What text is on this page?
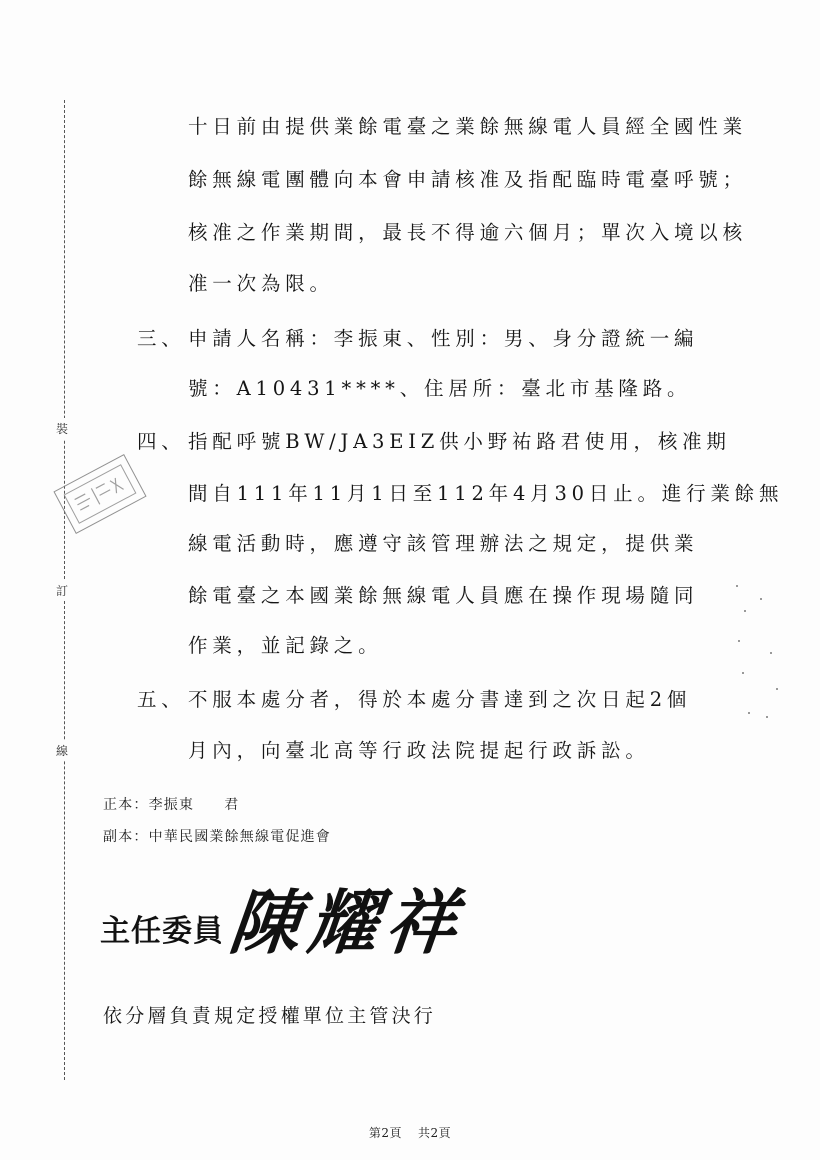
裝
訂
線
十日前由提供業餘電臺之業餘無線電人員經全國性業
餘無線電團體向本會申請核准及指配臨時電臺呼號；
核准之作業期間，最長不得逾六個月；單次入境以核
准一次為限。
三、 申請人名稱：李振東、性別：男、身分證統一編
號：A10431****、住居所：臺北市基隆路。
四、 指配呼號BW/JA3EIZ供小野祐路君使用，核准期
間自111年11月1日至112年4月30日止。進行業餘無
線電活動時，應遵守該管理辦法之規定，提供業
餘電臺之本國業餘無線電人員應在操作現場隨同
作業，並記錄之。
五、 不服本處分者，得於本處分書達到之次日起2個
月內，向臺北高等行政法院提起行政訴訟。
正本：李振東 君
副本：中華民國業餘無線電促進會
主任委員 陳耀祥
依分層負責規定授權單位主管決行
第2頁 共2頁
